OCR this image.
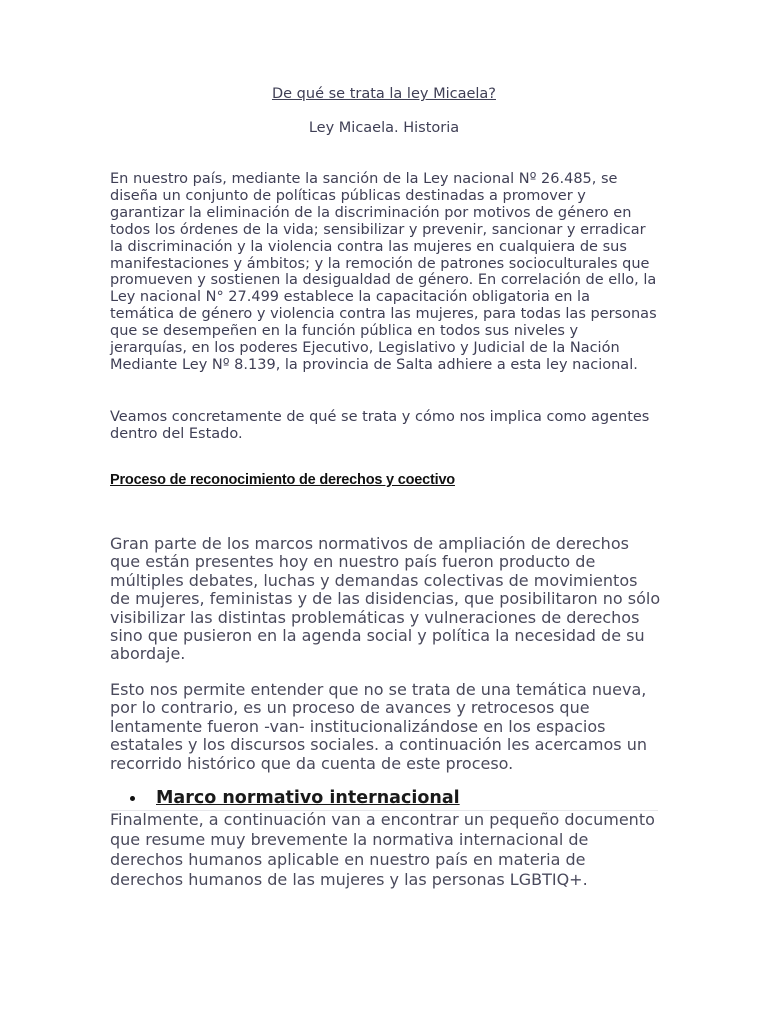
De qué se trata la ley Micaela?
Ley Micaela. Historia

En nuestro país, mediante la sanción de la Ley nacional Nº 26.485, se diseña un conjunto de políticas públicas destinadas a promover y garantizar la eliminación de la discriminación por motivos de género en todos los órdenes de la vida; sensibilizar y prevenir, sancionar y erradicar la discriminación y la violencia contra las mujeres en cualquiera de sus manifestaciones y ámbitos; y la remoción de patrones socioculturales que promueven y sostienen la desigualdad de género. En correlación de ello, la Ley nacional N° 27.499 establece la capacitación obligatoria en la temática de género y violencia contra las mujeres, para todas las personas que se desempeñen en la función pública en todos sus niveles y jerarquías, en los poderes Ejecutivo, Legislativo y Judicial de la Nación Mediante Ley Nº 8.139, la provincia de Salta adhiere a esta ley nacional.

Veamos concretamente de qué se trata y cómo nos implica como agentes dentro del Estado.

Proceso de reconocimiento de derechos y coectivo

Gran parte de los marcos normativos de ampliación de derechos que están presentes hoy en nuestro país fueron producto de múltiples debates, luchas y demandas colectivas de movimientos de mujeres, feministas y de las disidencias, que posibilitaron no sólo visibilizar las distintas problemáticas y vulneraciones de derechos sino que pusieron en la agenda social y política la necesidad de su abordaje.

Esto nos permite entender que no se trata de una temática nueva, por lo contrario, es un proceso de avances y retrocesos que lentamente fueron -van- institucionalizándose en los espacios estatales y los discursos sociales. a continuación les acercamos un recorrido histórico que da cuenta de este proceso.

Marco normativo internacional

Finalmente, a continuación van a encontrar un pequeño documento que resume muy brevemente la normativa internacional de derechos humanos aplicable en nuestro país en materia de derechos humanos de las mujeres y las personas LGBTIQ+.
